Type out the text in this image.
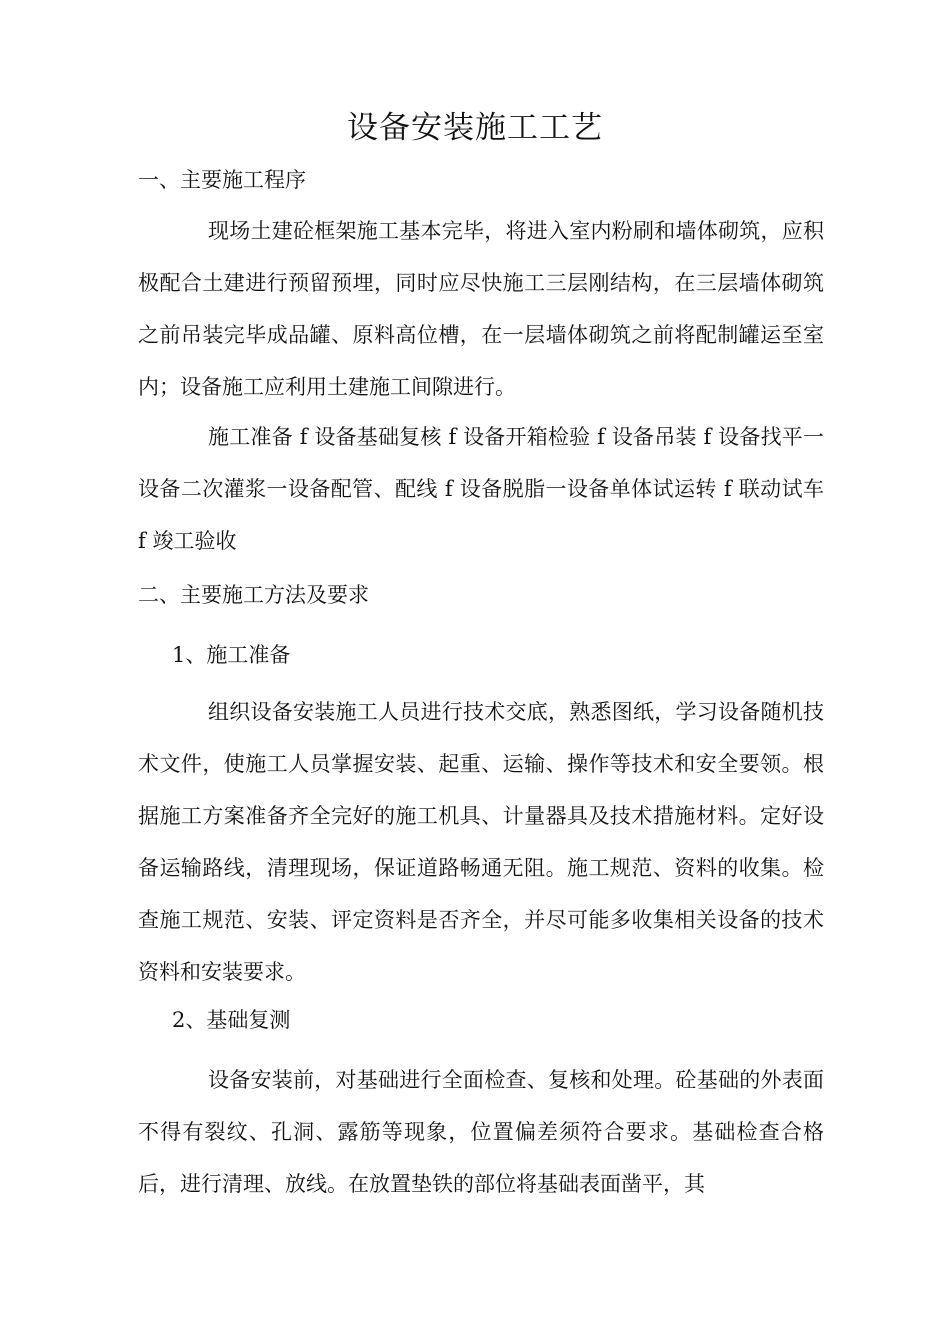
设备安装施工工艺
一、主要施工程序

现场土建砼框架施工基本完毕，将进入室内粉刷和墙体砌筑，应积极配合土建进行预留预埋，同时应尽快施工三层刚结构，在三层墙体砌筑之前吊装完毕成品罐、原料高位槽，在一层墙体砌筑之前将配制罐运至室内；设备施工应利用土建施工间隙进行。

施工准备 f 设备基础复核 f 设备开箱检验 f 设备吊装 f 设备找平一设备二次灌浆一设备配管、配线 f 设备脱脂一设备单体试运转 f 联动试车 f 竣工验收

二、主要施工方法及要求
1、施工准备

组织设备安装施工人员进行技术交底，熟悉图纸，学习设备随机技术文件，使施工人员掌握安装、起重、运输、操作等技术和安全要领。根据施工方案准备齐全完好的施工机具、计量器具及技术措施材料。定好设备运输路线，清理现场，保证道路畅通无阻。施工规范、资料的收集。检查施工规范、安装、评定资料是否齐全，并尽可能多收集相关设备的技术资料和安装要求。

2、基础复测

设备安装前，对基础进行全面检查、复核和处理。砼基础的外表面不得有裂纹、孔洞、露筋等现象，位置偏差须符合要求。基础检查合格后，进行清理、放线。在放置垫铁的部位将基础表面凿平，其
